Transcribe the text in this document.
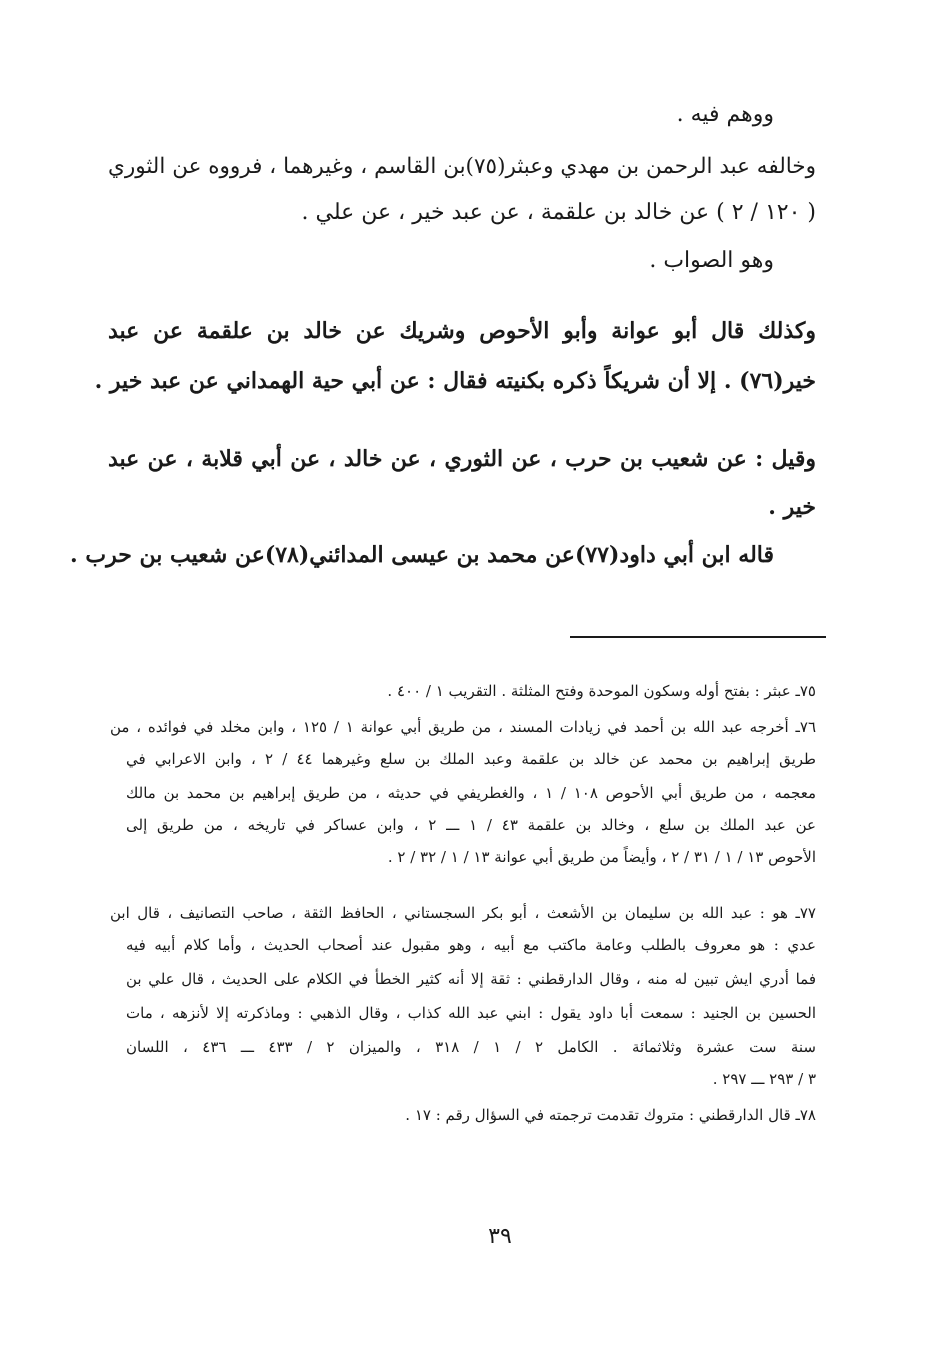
ووهم فيه .
وخالفه عبد الرحمن بن مهدي وعبثر(٧٥)بن القاسم ، وغيرهما ، فرووه عن الثوري
( ١٢٠ / ٢ ) عن خالد بن علقمة ، عن عبد خير ، عن علي .
وهو الصواب .
وكذلك قال أبو عوانة وأبو الأحوص وشريك عن خالد بن علقمة عن عبد
خير(٧٦) . إلا أن شريكاً ذكره بكنيته فقال : عن أبي حية الهمداني عن عبد خير .
وقيل : عن شعيب بن حرب ، عن الثوري ، عن خالد ، عن أبي قلابة ، عن عبد
خير .
قاله ابن أبي داود(٧٧)عن محمد بن عيسى المدائني(٧٨)عن شعيب بن حرب .
٧٥ـ عبثر : بفتح أوله وسكون الموحدة وفتح المثلثة . التقريب ١ / ٤٠٠ .
٧٦ـ أخرجه عبد الله بن أحمد في زيادات المسند ، من طريق أبي عوانة ١ / ١٢٥ ، وابن مخلد في فوائده ، من
طريق إبراهيم بن محمد عن خالد بن علقمة وعبد الملك بن سلع وغيرهما ٤٤ / ٢ ، وابن الاعرابي في
معجمه ، من طريق أبي الأحوص ١٠٨ / ١ ، والغطريفي في حديثه ، من طريق إبراهيم بن محمد بن مالك
عن عبد الملك بن سلع ، وخالد بن علقمة ٤٣ / ١ ـــ ٢ ، وابن عساكر في تاريخه ، من طريق إلى
الأحوص ١٣ / ١ / ٣١ / ٢ ، وأيضاً من طريق أبي عوانة ١٣ / ١ / ٣٢ / ٢ .
٧٧ـ هو : عبد الله بن سليمان بن الأشعث ، أبو بكر السجستاني ، الحافظ الثقة ، صاحب التصانيف ، قال ابن
عدي : هو معروف بالطلب وعامة ماكتب مع أبيه ، وهو مقبول عند أصحاب الحديث ، وأما كلام أبيه فيه
فما أدري ايش تبين له منه ، وقال الدارقطني : ثقة إلا أنه كثير الخطأ في الكلام على الحديث ، قال علي بن
الحسين بن الجنيد : سمعت أبا داود يقول : ابني عبد الله كذاب ، وقال الذهبي : وماذكرته إلا لأنزهه ، مات
سنة ست عشرة وثلاثمائة . الكامل ٢ / ١ / ٣١٨ ، والميزان ٢ / ٤٣٣ ـــ ٤٣٦ ، اللسان
٣ / ٢٩٣ ـــ ٢٩٧ .
٧٨ـ قال الدارقطني : متروك تقدمت ترجمته في السؤال رقم : ١٧ .
٣٩
